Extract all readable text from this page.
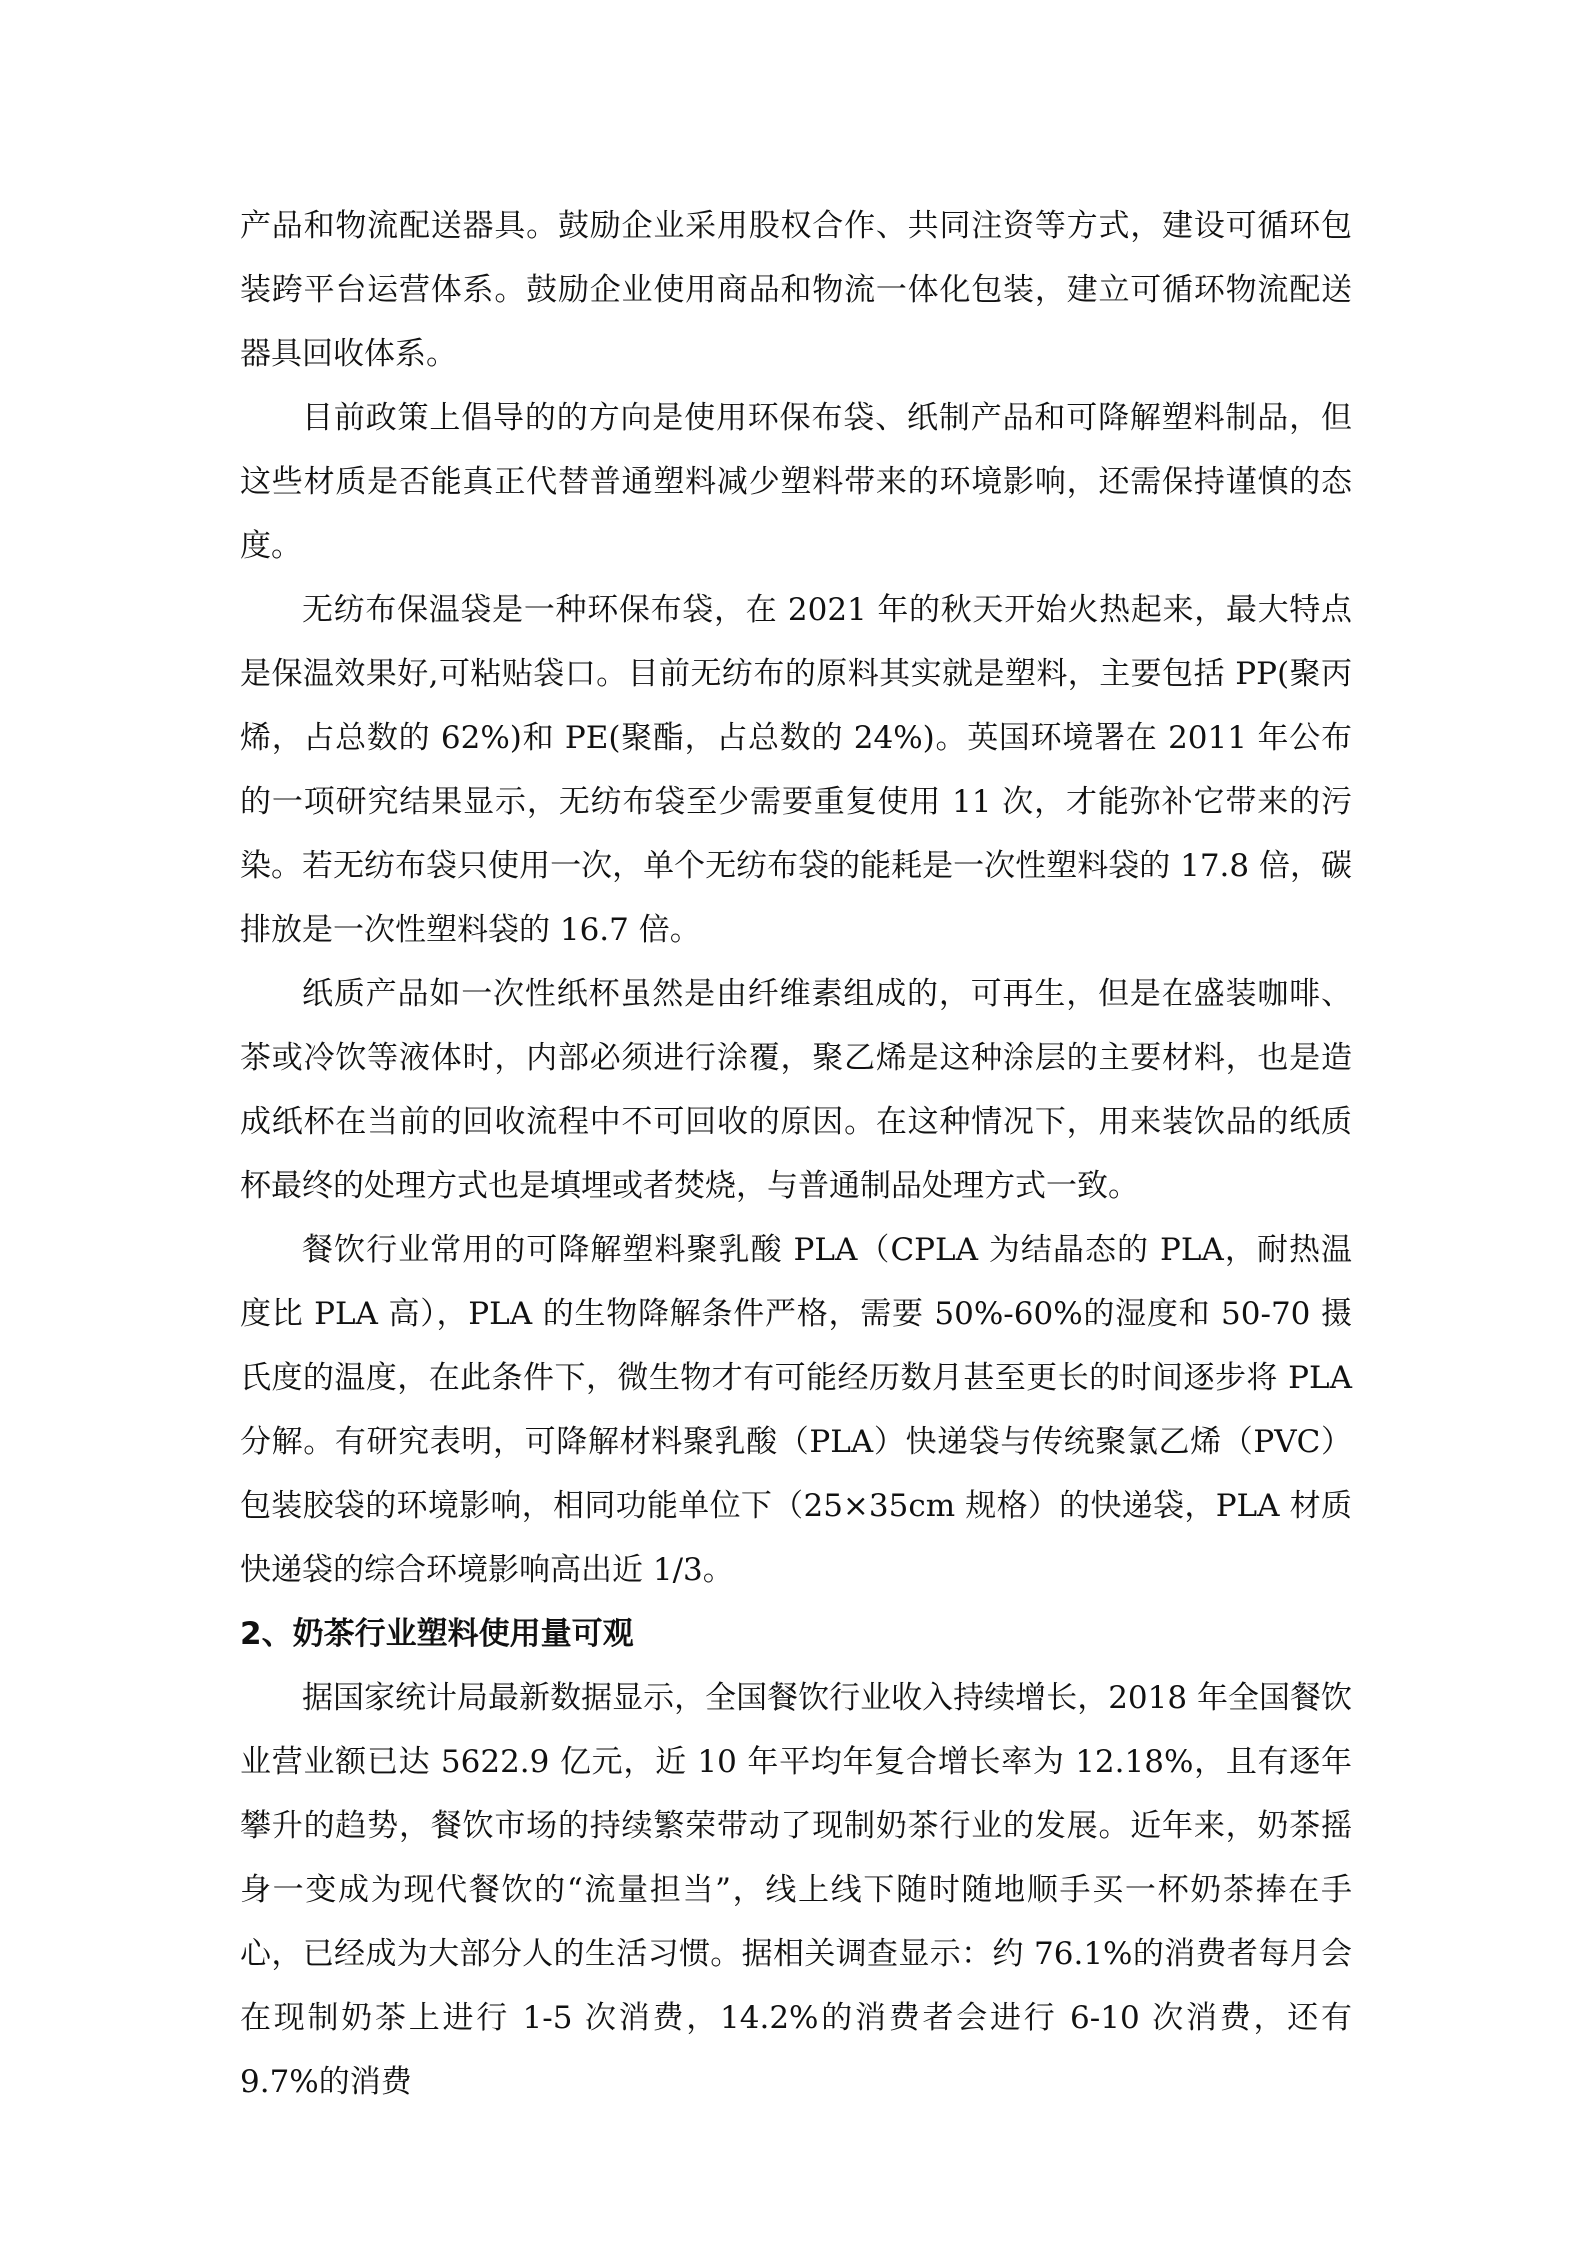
产品和物流配送器具。鼓励企业采用股权合作、共同注资等方式，建设可循环包装跨平台运营体系。鼓励企业使用商品和物流一体化包装，建立可循环物流配送器具回收体系。

目前政策上倡导的的方向是使用环保布袋、纸制产品和可降解塑料制品，但这些材质是否能真正代替普通塑料减少塑料带来的环境影响，还需保持谨慎的态度。

无纺布保温袋是一种环保布袋，在 2021 年的秋天开始火热起来，最大特点是保温效果好,可粘贴袋口。目前无纺布的原料其实就是塑料，主要包括 PP(聚丙烯，占总数的 62%)和 PE(聚酯，占总数的 24%)。英国环境署在 2011 年公布的一项研究结果显示，无纺布袋至少需要重复使用 11 次，才能弥补它带来的污染。若无纺布袋只使用一次，单个无纺布袋的能耗是一次性塑料袋的 17.8 倍，碳排放是一次性塑料袋的 16.7 倍。

纸质产品如一次性纸杯虽然是由纤维素组成的，可再生，但是在盛装咖啡、茶或冷饮等液体时，内部必须进行涂覆，聚乙烯是这种涂层的主要材料，也是造成纸杯在当前的回收流程中不可回收的原因。在这种情况下，用来装饮品的纸质杯最终的处理方式也是填埋或者焚烧，与普通制品处理方式一致。

餐饮行业常用的可降解塑料聚乳酸 PLA（CPLA 为结晶态的 PLA，耐热温度比 PLA 高），PLA 的生物降解条件严格，需要 50%-60%的湿度和 50-70 摄氏度的温度，在此条件下，微生物才有可能经历数月甚至更长的时间逐步将 PLA 分解。有研究表明，可降解材料聚乳酸（PLA）快递袋与传统聚氯乙烯（PVC）包装胶袋的环境影响，相同功能单位下（25×35cm 规格）的快递袋，PLA 材质快递袋的综合环境影响高出近 1/3。

2、奶茶行业塑料使用量可观

据国家统计局最新数据显示，全国餐饮行业收入持续增长，2018 年全国餐饮业营业额已达 5622.9 亿元，近 10 年平均年复合增长率为 12.18%，且有逐年攀升的趋势，餐饮市场的持续繁荣带动了现制奶茶行业的发展。近年来，奶茶摇身一变成为现代餐饮的“流量担当”，线上线下随时随地顺手买一杯奶茶捧在手心，已经成为大部分人的生活习惯。据相关调查显示：约 76.1%的消费者每月会在现制奶茶上进行 1-5 次消费，14.2%的消费者会进行 6-10 次消费，还有 9.7%的消费
